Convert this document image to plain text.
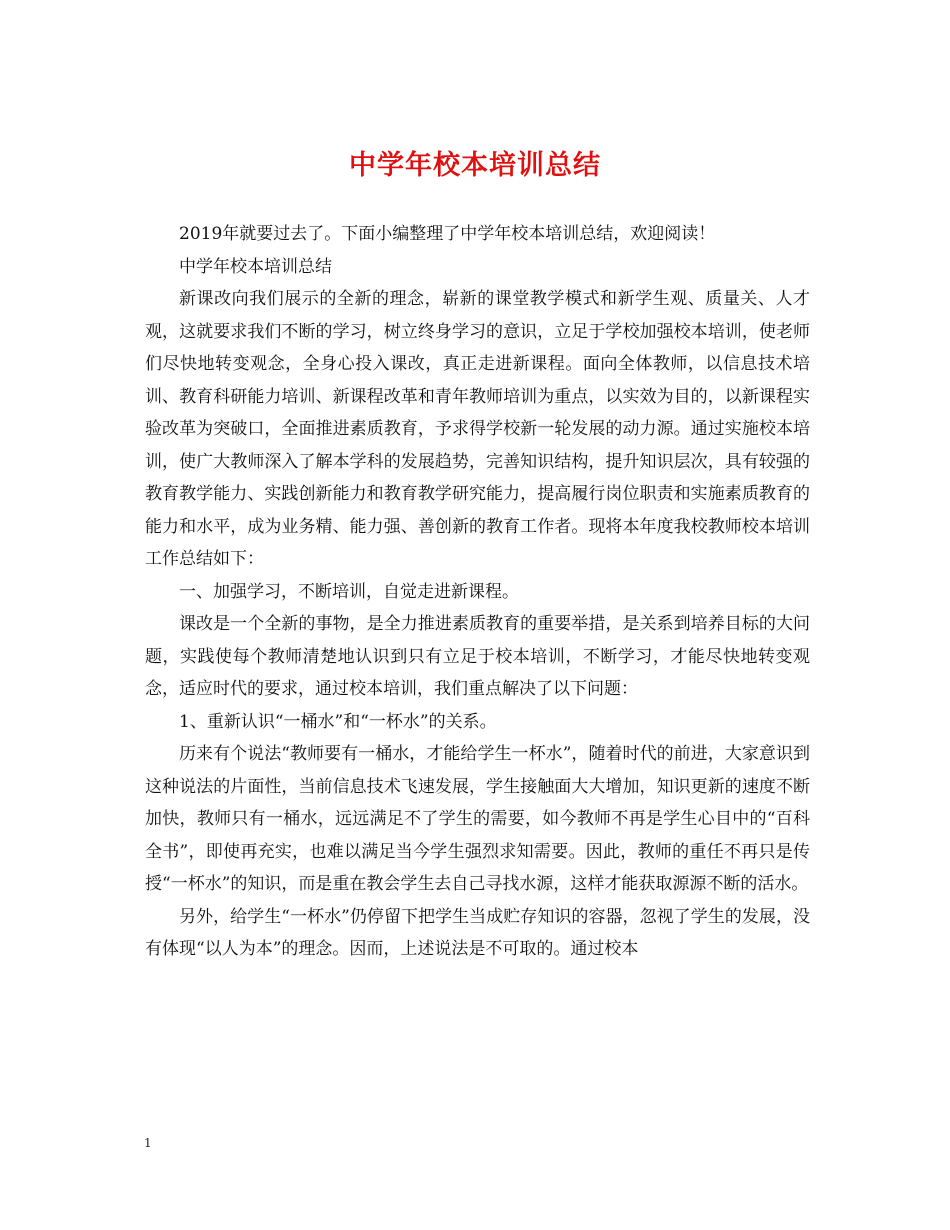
中学年校本培训总结

2019年就要过去了。下面小编整理了中学年校本培训总结，欢迎阅读！

中学年校本培训总结

新课改向我们展示的全新的理念，崭新的课堂教学模式和新学生观、质量关、人才观，这就要求我们不断的学习，树立终身学习的意识，立足于学校加强校本培训，使老师们尽快地转变观念，全身心投入课改，真正走进新课程。面向全体教师，以信息技术培训、教育科研能力培训、新课程改革和青年教师培训为重点，以实效为目的，以新课程实验改革为突破口，全面推进素质教育，予求得学校新一轮发展的动力源。通过实施校本培训，使广大教师深入了解本学科的发展趋势，完善知识结构，提升知识层次，具有较强的教育教学能力、实践创新能力和教育教学研究能力，提高履行岗位职责和实施素质教育的能力和水平，成为业务精、能力强、善创新的教育工作者。现将本年度我校教师校本培训工作总结如下：

一、加强学习，不断培训，自觉走进新课程。

课改是一个全新的事物，是全力推进素质教育的重要举措，是关系到培养目标的大问题，实践使每个教师清楚地认识到只有立足于校本培训，不断学习，才能尽快地转变观念，适应时代的要求，通过校本培训，我们重点解决了以下问题：

1、重新认识“一桶水”和“一杯水”的关系。

历来有个说法“教师要有一桶水，才能给学生一杯水”，随着时代的前进，大家意识到这种说法的片面性，当前信息技术飞速发展，学生接触面大大增加，知识更新的速度不断加快，教师只有一桶水，远远满足不了学生的需要，如今教师不再是学生心目中的“百科全书”，即使再充实，也难以满足当今学生强烈求知需要。因此，教师的重任不再只是传授“一杯水”的知识，而是重在教会学生去自己寻找水源，这样才能获取源源不断的活水。

另外，给学生“一杯水”仍停留下把学生当成贮存知识的容器，忽视了学生的发展，没有体现“以人为本”的理念。因而，上述说法是不可取的。通过校本

1
